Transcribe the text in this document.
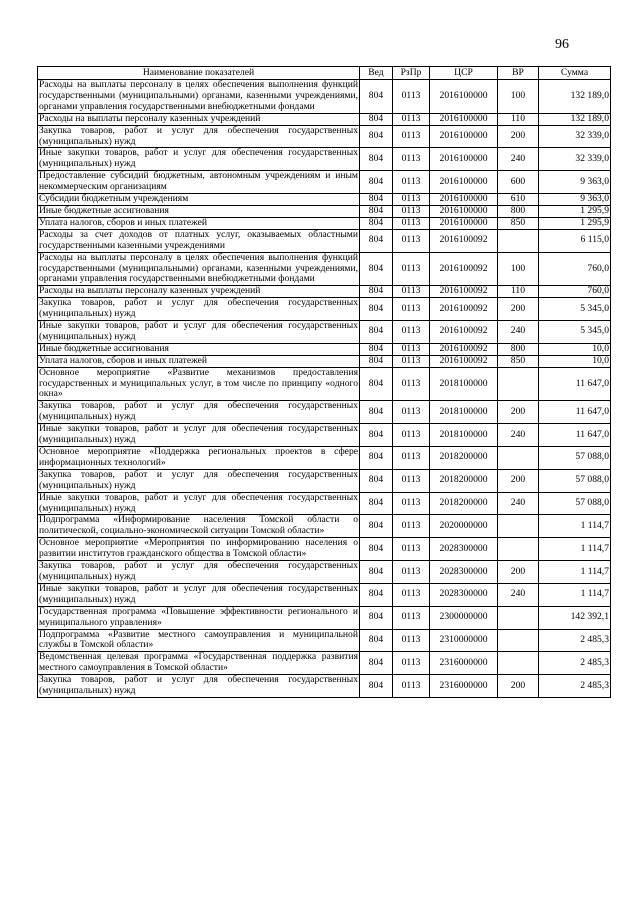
96
Наименование показателей	Вед	РзПр	ЦСР	ВР	Сумма
Расходы на выплаты персоналу в целях обеспечения выполнения функций государственными (муниципальными) органами, казенными учреждениями, органами управления государственными внебюджетными фондами	804	0113	2016100000	100	132 189,0
Расходы на выплаты персоналу казенных учреждений	804	0113	2016100000	110	132 189,0
Закупка товаров, работ и услуг для обеспечения государственных (муниципальных) нужд	804	0113	2016100000	200	32 339,0
Иные закупки товаров, работ и услуг для обеспечения государственных (муниципальных) нужд	804	0113	2016100000	240	32 339,0
Предоставление субсидий бюджетным, автономным учреждениям и иным некоммерческим организациям	804	0113	2016100000	600	9 363,0
Субсидии бюджетным учреждениям	804	0113	2016100000	610	9 363,0
Иные бюджетные ассигнования	804	0113	2016100000	800	1 295,9
Уплата налогов, сборов и иных платежей	804	0113	2016100000	850	1 295,9
Расходы за счет доходов от платных услуг, оказываемых областными государственными казенными учреждениями	804	0113	2016100092		6 115,0
Расходы на выплаты персоналу в целях обеспечения выполнения функций государственными (муниципальными) органами, казенными учреждениями, органами управления государственными внебюджетными фондами	804	0113	2016100092	100	760,0
Расходы на выплаты персоналу казенных учреждений	804	0113	2016100092	110	760,0
Закупка товаров, работ и услуг для обеспечения государственных (муниципальных) нужд	804	0113	2016100092	200	5 345,0
Иные закупки товаров, работ и услуг для обеспечения государственных (муниципальных) нужд	804	0113	2016100092	240	5 345,0
Иные бюджетные ассигнования	804	0113	2016100092	800	10,0
Уплата налогов, сборов и иных платежей	804	0113	2016100092	850	10,0
Основное мероприятие «Развитие механизмов предоставления государственных и муниципальных услуг, в том числе по принципу «одного окна»	804	0113	2018100000		11 647,0
Закупка товаров, работ и услуг для обеспечения государственных (муниципальных) нужд	804	0113	2018100000	200	11 647,0
Иные закупки товаров, работ и услуг для обеспечения государственных (муниципальных) нужд	804	0113	2018100000	240	11 647,0
Основное мероприятие «Поддержка региональных проектов в сфере информационных технологий»	804	0113	2018200000		57 088,0
Закупка товаров, работ и услуг для обеспечения государственных (муниципальных) нужд	804	0113	2018200000	200	57 088,0
Иные закупки товаров, работ и услуг для обеспечения государственных (муниципальных) нужд	804	0113	2018200000	240	57 088,0
Подпрограмма «Информирование населения Томской области о политической, социально-экономической ситуации Томской области»	804	0113	2020000000		1 114,7
Основное мероприятие «Мероприятия по информированию населения о развитии институтов гражданского общества в Томской области»	804	0113	2028300000		1 114,7
Закупка товаров, работ и услуг для обеспечения государственных (муниципальных) нужд	804	0113	2028300000	200	1 114,7
Иные закупки товаров, работ и услуг для обеспечения государственных (муниципальных) нужд	804	0113	2028300000	240	1 114,7
Государственная программа «Повышение эффективности регионального и муниципального управления»	804	0113	2300000000		142 392,1
Подпрограмма «Развитие местного самоуправления и муниципальной службы в Томской области»	804	0113	2310000000		2 485,3
Ведомственная целевая программа «Государственная поддержка развития местного самоуправления в Томской области»	804	0113	2316000000		2 485,3
Закупка товаров, работ и услуг для обеспечения государственных (муниципальных) нужд	804	0113	2316000000	200	2 485,3
